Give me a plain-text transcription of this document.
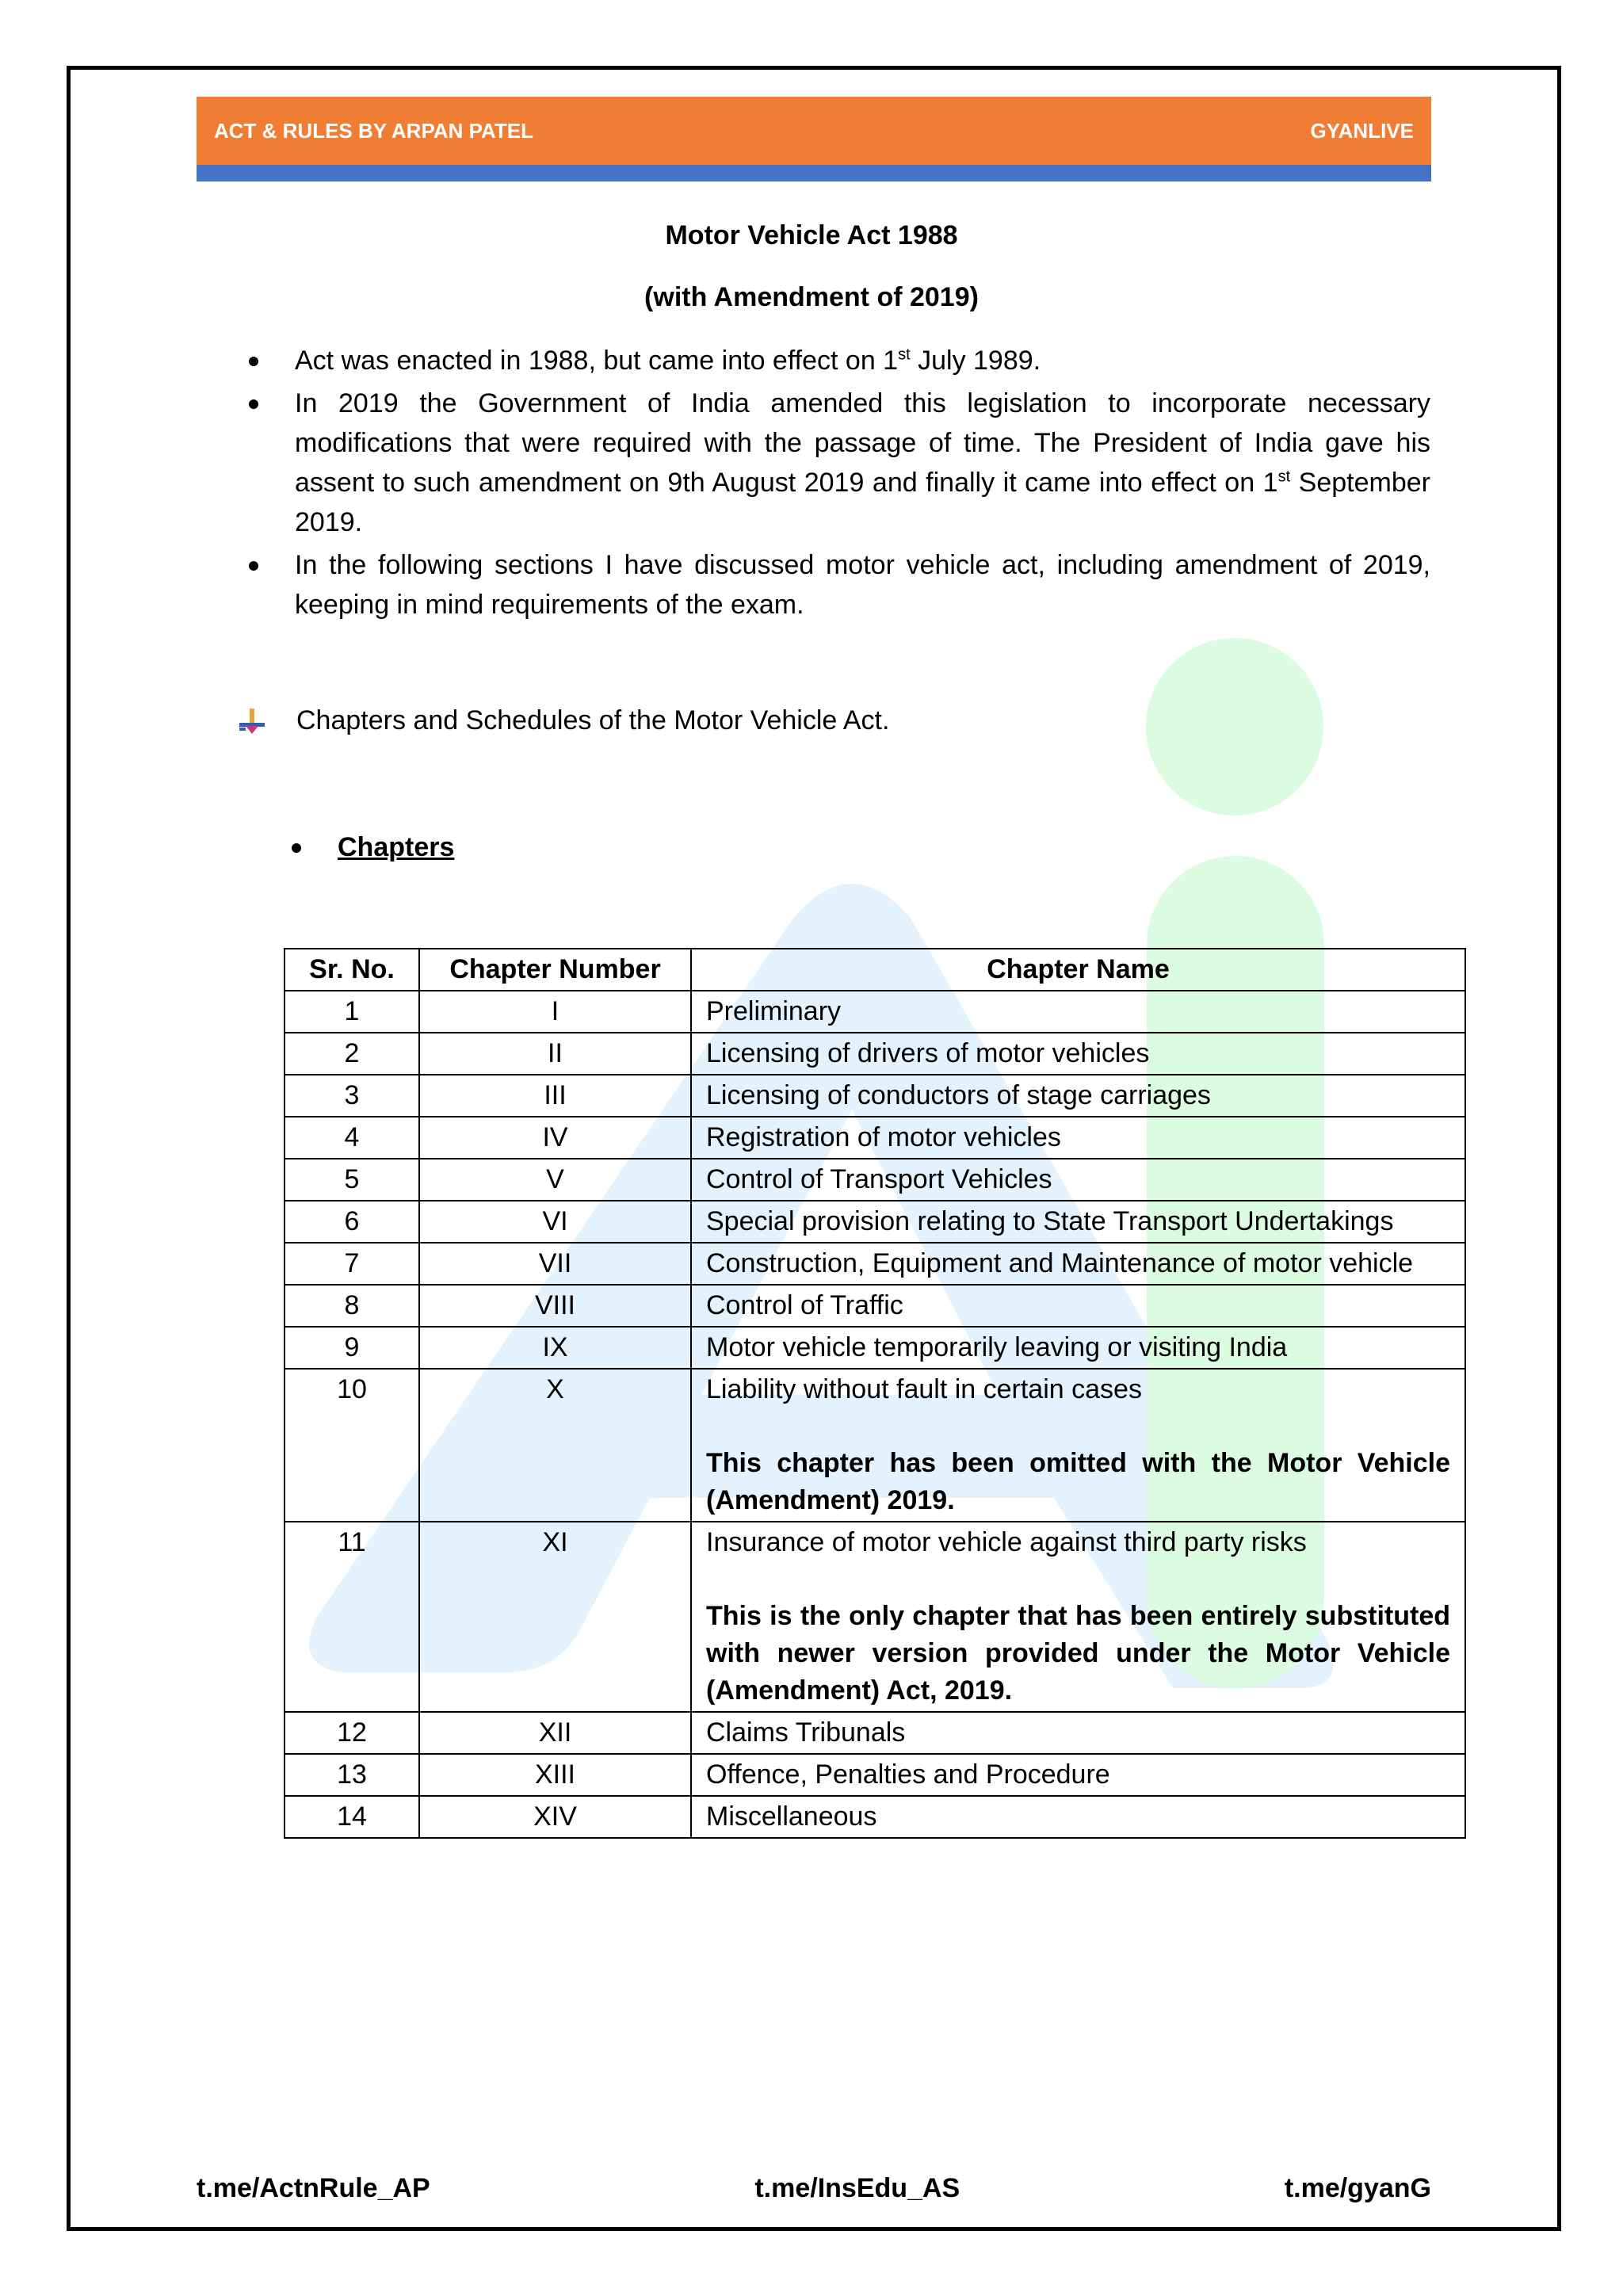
ACT & RULES BY ARPAN PATEL	GYANLIVE
Motor Vehicle Act 1988
(with Amendment of 2019)
Act was enacted in 1988, but came into effect on 1st July 1989.
In 2019 the Government of India amended this legislation to incorporate necessary modifications that were required with the passage of time. The President of India gave his assent to such amendment on 9th August 2019 and finally it came into effect on 1st September 2019.
In the following sections I have discussed motor vehicle act, including amendment of 2019, keeping in mind requirements of the exam.
Chapters and Schedules of the Motor Vehicle Act.
Chapters
Sr. No.	Chapter Number	Chapter Name
1	I	Preliminary

2	II	Licensing of drivers of motor vehicles

3	III	Licensing of conductors of stage carriages

4	IV	Registration of motor vehicles

5	V	Control of Transport Vehicles

6	VI	Special provision relating to State Transport Undertakings

7	VII	Construction, Equipment and Maintenance of motor vehicle

8	VIII	Control of Traffic

9	IX	Motor vehicle temporarily leaving or visiting India

10	X	Liability without fault in certain cases
This chapter has been omitted with the Motor Vehicle (Amendment) 2019.

11	XI	Insurance of motor vehicle against third party risks
This is the only chapter that has been entirely substituted with newer version provided under the Motor Vehicle (Amendment) Act, 2019.

12	XII	Claims Tribunals

13	XIII	Offence, Penalties and Procedure

14	XIV	Miscellaneous
t.me/ActnRule_AP	t.me/InsEdu_AS	t.me/gyanG
